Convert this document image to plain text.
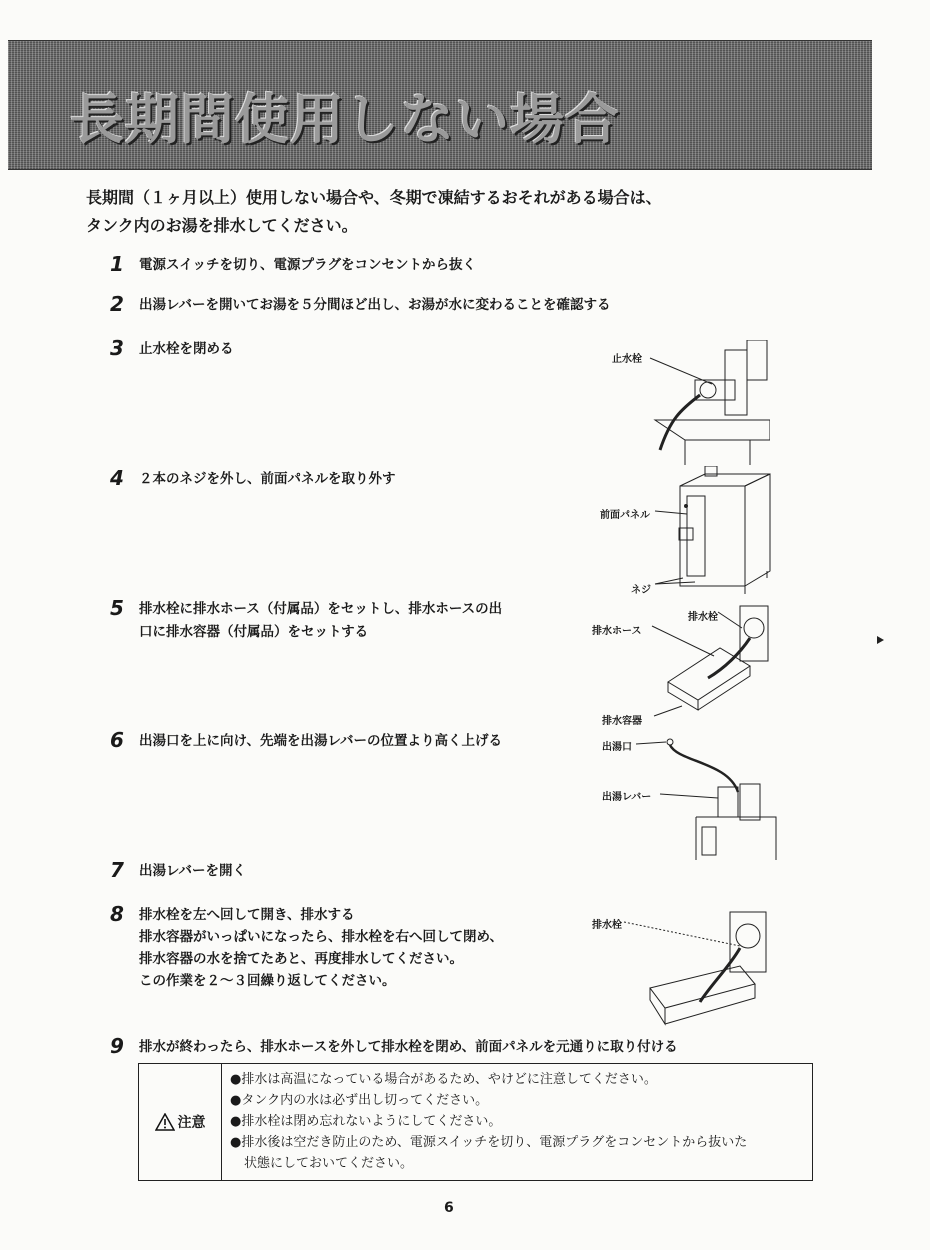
長期間使用しない場合
長期間（１ヶ月以上）使用しない場合や、冬期で凍結するおそれがある場合は、
タンク内のお湯を排水してください。
1 電源スイッチを切り、電源プラグをコンセントから抜く
2 出湯レバーを開いてお湯を５分間ほど出し、お湯が水に変わることを確認する
3 止水栓を閉める
4 ２本のネジを外し、前面パネルを取り外す
5 排水栓に排水ホース（付属品）をセットし、排水ホースの出
口に排水容器（付属品）をセットする
6 出湯口を上に向け、先端を出湯レバーの位置より高く上げる
7 出湯レバーを開く
8 排水栓を左へ回して開き、排水する
排水容器がいっぱいになったら、排水栓を右へ回して閉め、
排水容器の水を捨てたあと、再度排水してください。
この作業を２～３回繰り返してください。
9 排水が終わったら、排水ホースを外して排水栓を閉め、前面パネルを元通りに取り付ける
止水栓
前面パネル
ネジ
排水栓
排水ホース
排水容器
出湯口
出湯レバー
排水栓
注意
●排水は高温になっている場合があるため、やけどに注意してください。
●タンク内の水は必ず出し切ってください。
●排水栓は閉め忘れないようにしてください。
●排水後は空だき防止のため、電源スイッチを切り、電源プラグをコンセントから抜いた
状態にしておいてください。
6
